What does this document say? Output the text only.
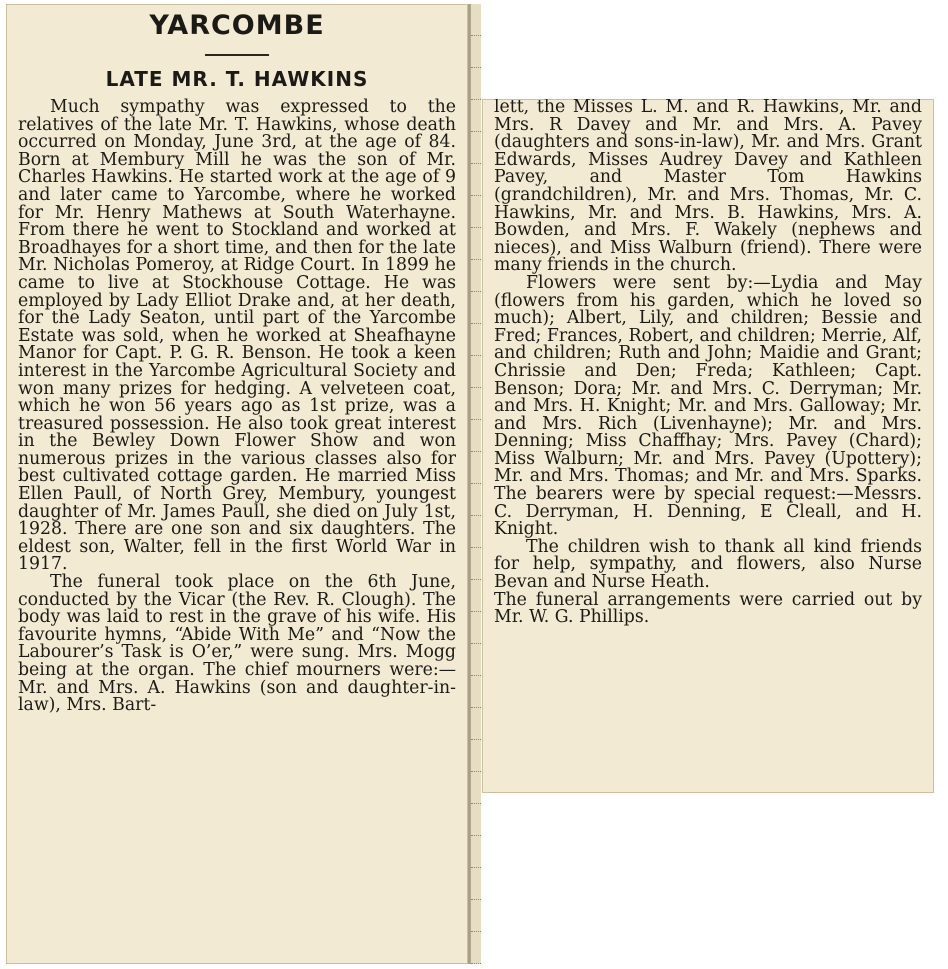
YARCOMBE
LATE MR. T. HAWKINS

Much sympathy was expressed to the relatives of the late Mr. T. Hawkins, whose death occurred on Monday, June 3rd, at the age of 84. Born at Membury Mill he was the son of Mr. Charles Hawkins. He started work at the age of 9 and later came to Yarcombe, where he worked for Mr. Henry Mathews at South Waterhayne. From there he went to Stockland and worked at Broadhayes for a short time, and then for the late Mr. Nicholas Pomeroy, at Ridge Court. In 1899 he came to live at Stockhouse Cottage. He was employed by Lady Elliot Drake and, at her death, for the Lady Seaton, until part of the Yarcombe Estate was sold, when he worked at Sheafhayne Manor for Capt. P. G. R. Benson. He took a keen interest in the Yarcombe Agricultural Society and won many prizes for hedging. A velveteen coat, which he won 56 years ago as 1st prize, was a treasured possession. He also took great interest in the Bewley Down Flower Show and won numerous prizes in the various classes also for best cultivated cottage garden. He married Miss Ellen Paull, of North Grey, Membury, youngest daughter of Mr. James Paull, she died on July 1st, 1928. There are one son and six daughters. The eldest son, Walter, fell in the first World War in 1917.

The funeral took place on the 6th June, conducted by the Vicar (the Rev. R. Clough). The body was laid to rest in the grave of his wife. His favourite hymns, “Abide With Me” and “Now the Labourer’s Task is O’er,” were sung. Mrs. Mogg being at the organ. The chief mourners were:—Mr. and Mrs. A. Hawkins (son and daughter-in-law), Mrs. Bart-

lett, the Misses L. M. and R. Hawkins, Mr. and Mrs. R Davey and Mr. and Mrs. A. Pavey (daughters and sons-in-law), Mr. and Mrs. Grant Edwards, Misses Audrey Davey and Kathleen Pavey, and Master Tom Hawkins (grandchildren), Mr. and Mrs. Thomas, Mr. C. Hawkins, Mr. and Mrs. B. Hawkins, Mrs. A. Bowden, and Mrs. F. Wakely (nephews and nieces), and Miss Walburn (friend). There were many friends in the church.

Flowers were sent by:—Lydia and May (flowers from his garden, which he loved so much); Albert, Lily, and children; Bessie and Fred; Frances, Robert, and children; Merrie, Alf, and children; Ruth and John; Maidie and Grant; Chrissie and Den; Freda; Kathleen; Capt. Benson; Dora; Mr. and Mrs. C. Derryman; Mr. and Mrs. H. Knight; Mr. and Mrs. Galloway; Mr. and Mrs. Rich (Livenhayne); Mr. and Mrs. Denning; Miss Chaffhay; Mrs. Pavey (Chard); Miss Walburn; Mr. and Mrs. Pavey (Upottery); Mr. and Mrs. Thomas; and Mr. and Mrs. Sparks. The bearers were by special request:—Messrs. C. Derryman, H. Denning, E Cleall, and H. Knight.

The children wish to thank all kind friends for help, sympathy, and flowers, also Nurse Bevan and Nurse Heath.

The funeral arrangements were carried out by Mr. W. G. Phillips.
